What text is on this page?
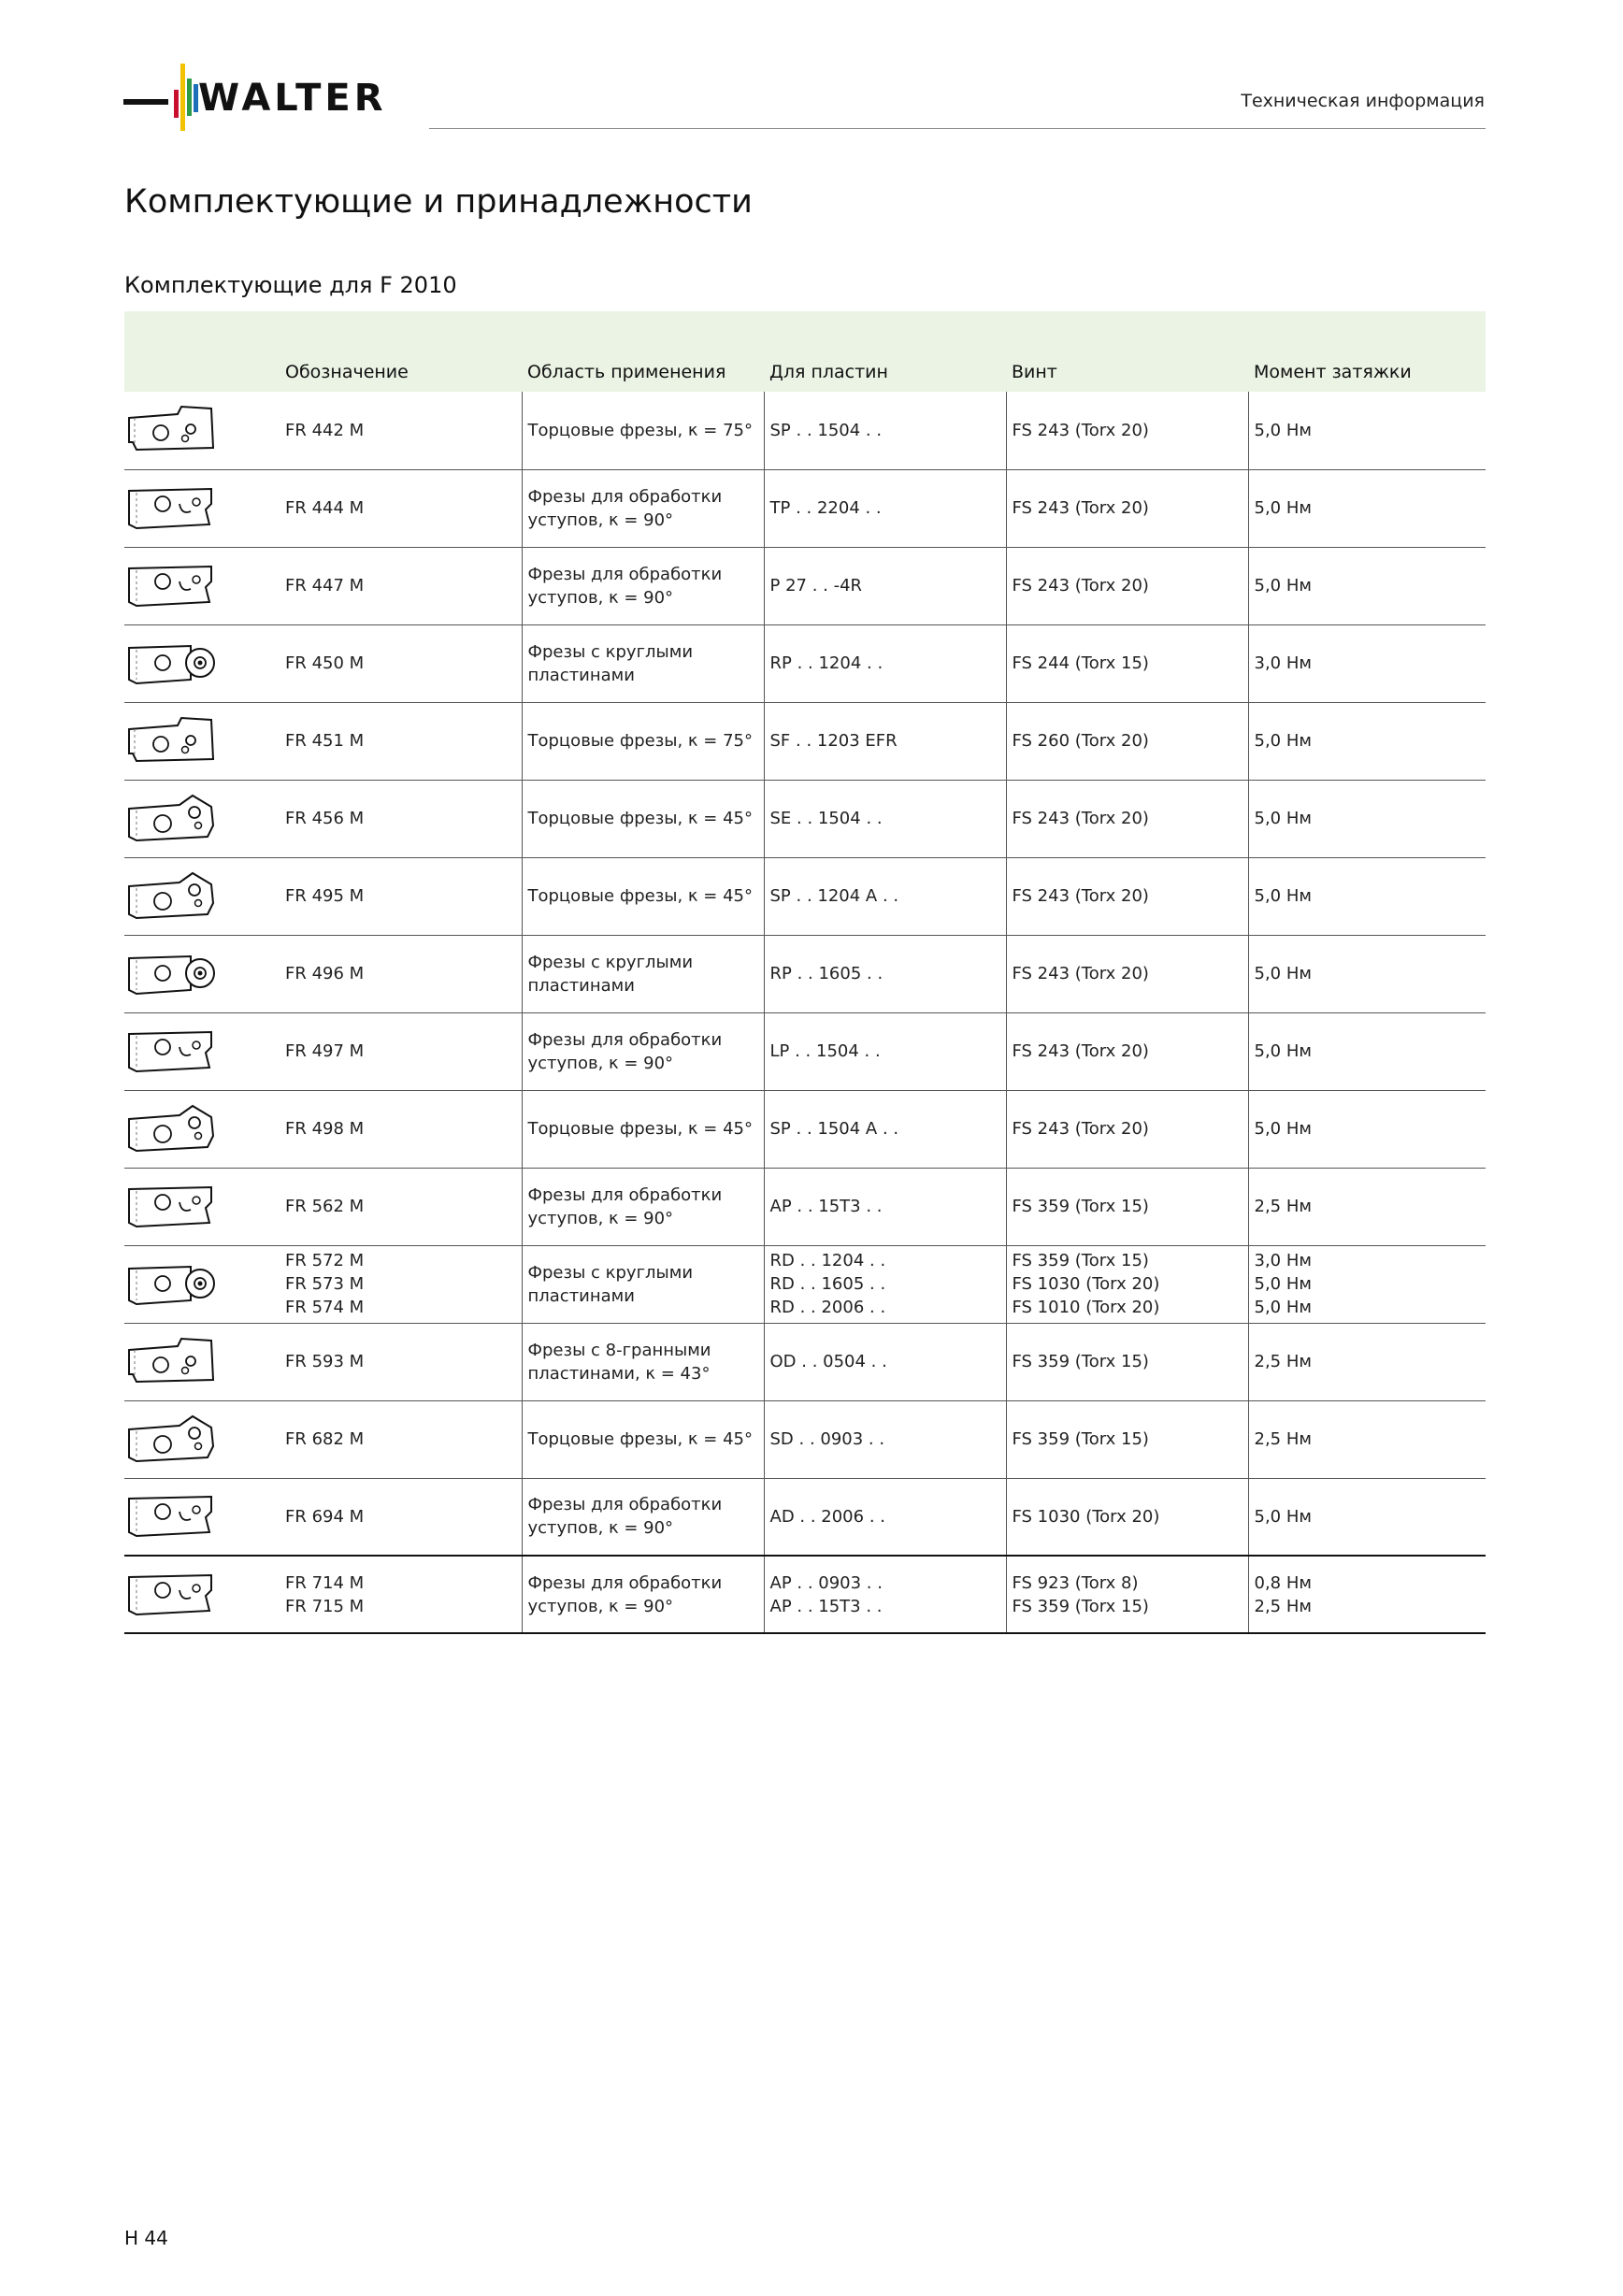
WALTER	Техническая информация
Комплектующие и принадлежности
Комплектующие для F 2010
	Обозначение	Область применения	Для пластин	Винт	Момент затяжки

	FR 442 M	Торцовые фрезы, κ = 75°	SP . . 1504 . .	FS 243 (Torx 20)	5,0 Нм

	FR 444 M	Фрезы для обработки
уступов, κ = 90°	TP . . 2204 . .	FS 243 (Torx 20)	5,0 Нм

	FR 447 M	Фрезы для обработки
уступов, κ = 90°	P 27 . . -4R	FS 243 (Torx 20)	5,0 Нм

	FR 450 M	Фрезы с круглыми
пластинами	RP . . 1204 . .	FS 244 (Torx 15)	3,0 Нм

	FR 451 M	Торцовые фрезы, κ = 75°	SF . . 1203 EFR	FS 260 (Torx 20)	5,0 Нм

	FR 456 M	Торцовые фрезы, κ = 45°	SE . . 1504 . .	FS 243 (Torx 20)	5,0 Нм

	FR 495 M	Торцовые фрезы, κ = 45°	SP . . 1204 A . .	FS 243 (Torx 20)	5,0 Нм

	FR 496 M	Фрезы с круглыми
пластинами	RP . . 1605 . .	FS 243 (Torx 20)	5,0 Нм

	FR 497 M	Фрезы для обработки
уступов, κ = 90°	LP . . 1504 . .	FS 243 (Torx 20)	5,0 Нм

	FR 498 M	Торцовые фрезы, κ = 45°	SP . . 1504 A . .	FS 243 (Torx 20)	5,0 Нм

	FR 562 M	Фрезы для обработки
уступов, κ = 90°	AP . . 15T3 . .	FS 359 (Torx 15)	2,5 Нм

	FR 572 M
FR 573 M
FR 574 M	Фрезы с круглыми
пластинами	RD . . 1204 . .
RD . . 1605 . .
RD . . 2006 . .	FS 359 (Torx 15)
FS 1030 (Torx 20)
FS 1010 (Torx 20)	3,0 Нм
5,0 Нм
5,0 Нм

	FR 593 M	Фрезы с 8-гранными
пластинами, κ = 43°	OD . . 0504 . .	FS 359 (Torx 15)	2,5 Нм

	FR 682 M	Торцовые фрезы, κ = 45°	SD . . 0903 . .	FS 359 (Torx 15)	2,5 Нм

	FR 694 M	Фрезы для обработки
уступов, κ = 90°	AD . . 2006 . .	FS 1030 (Torx 20)	5,0 Нм

	FR 714 M
FR 715 M	Фрезы для обработки
уступов, κ = 90°	AP . . 0903 . .
AP . . 15T3 . .	FS 923 (Torx 8)
FS 359 (Torx 15)	0,8 Нм
2,5 Нм
H 44
